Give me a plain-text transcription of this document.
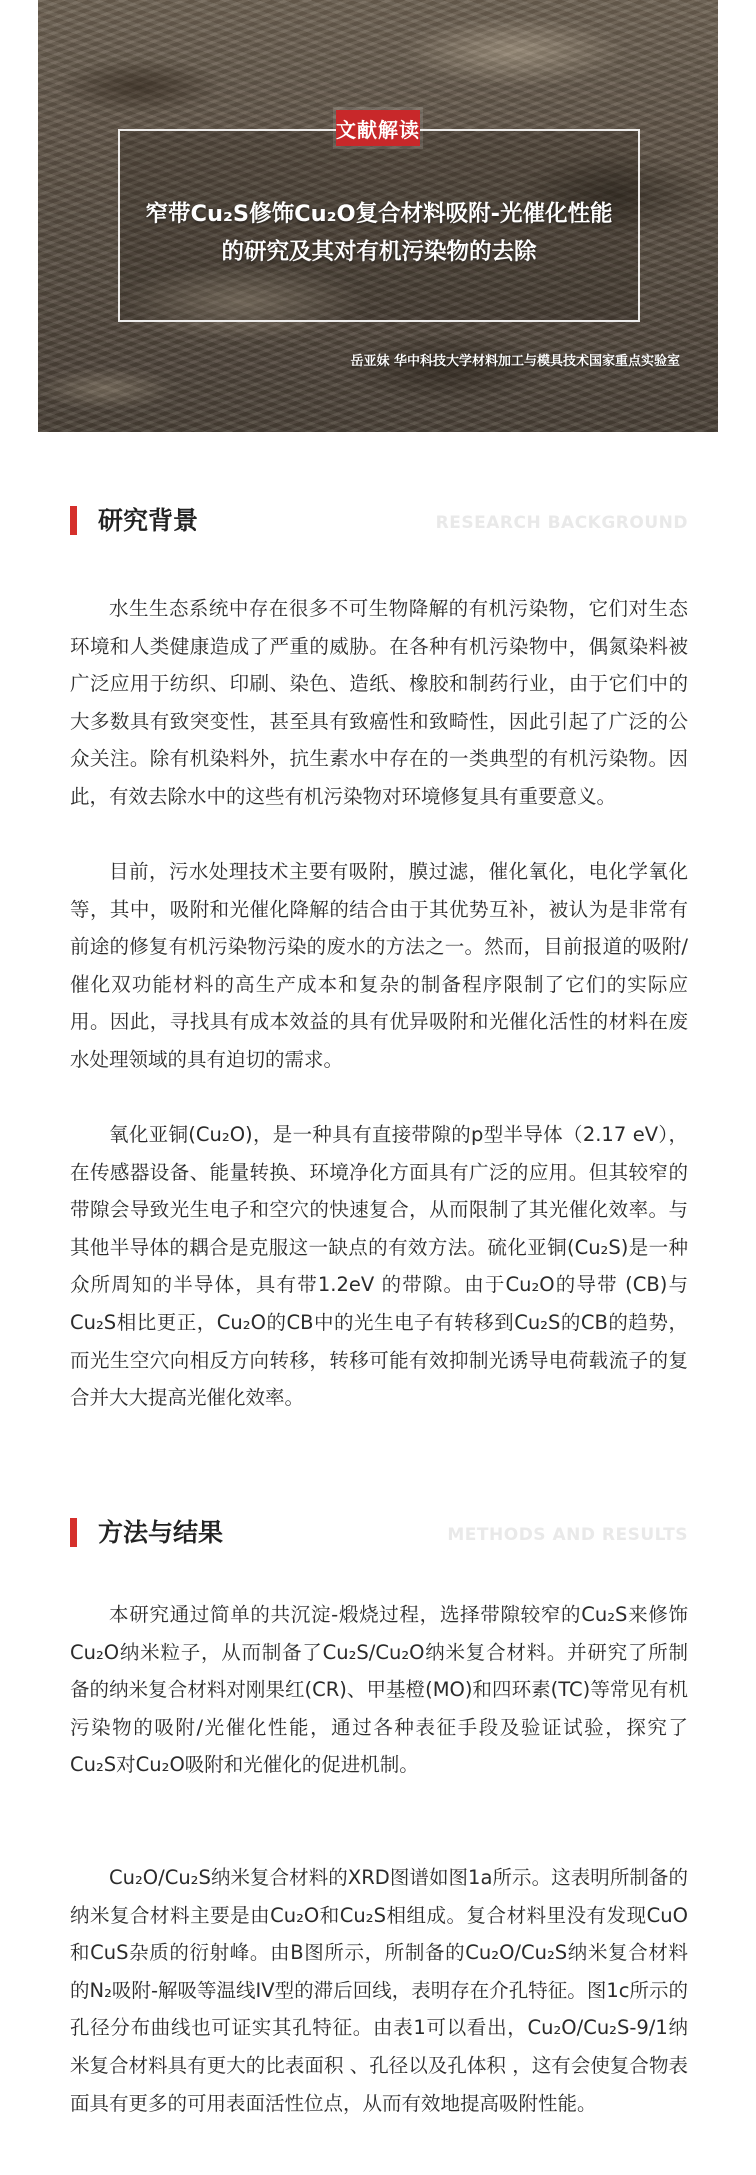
文献解读
窄带Cu₂S修饰Cu₂O复合材料吸附-光催化性能
的研究及其对有机污染物的去除
岳亚妹 华中科技大学材料加工与模具技术国家重点实验室
研究背景	RESEARCH BACKGROUND
水生生态系统中存在很多不可生物降解的有机污染物，它们对生态环境和人类健康造成了严重的威胁。在各种有机污染物中，偶氮染料被广泛应用于纺织、印刷、染色、造纸、橡胶和制药行业，由于它们中的大多数具有致突变性，甚至具有致癌性和致畸性，因此引起了广泛的公众关注。除有机染料外，抗生素水中存在的一类典型的有机污染物。因此，有效去除水中的这些有机污染物对环境修复具有重要意义。
目前，污水处理技术主要有吸附，膜过滤，催化氧化，电化学氧化等，其中，吸附和光催化降解的结合由于其优势互补，被认为是非常有前途的修复有机污染物污染的废水的方法之一。然而，目前报道的吸附/催化双功能材料的高生产成本和复杂的制备程序限制了它们的实际应用。因此，寻找具有成本效益的具有优异吸附和光催化活性的材料在废水处理领域的具有迫切的需求。
氧化亚铜(Cu₂O)，是一种具有直接带隙的p型半导体（2.17 eV），在传感器设备、能量转换、环境净化方面具有广泛的应用。但其较窄的带隙会导致光生电子和空穴的快速复合，从而限制了其光催化效率。与其他半导体的耦合是克服这一缺点的有效方法。硫化亚铜(Cu₂S)是一种众所周知的半导体，具有带1.2eV 的带隙。由于Cu₂O的导带 (CB)与Cu₂S相比更正，Cu₂O的CB中的光生电子有转移到Cu₂S的CB的趋势，而光生空穴向相反方向转移，转移可能有效抑制光诱导电荷载流子的复合并大大提高光催化效率。
方法与结果	METHODS AND RESULTS
本研究通过简单的共沉淀-煅烧过程，选择带隙较窄的Cu₂S来修饰Cu₂O纳米粒子，从而制备了Cu₂S/Cu₂O纳米复合材料。并研究了所制备的纳米复合材料对刚果红(CR)、甲基橙(MO)和四环素(TC)等常见有机污染物的吸附/光催化性能，通过各种表征手段及验证试验，探究了Cu₂S对Cu₂O吸附和光催化的促进机制。
Cu₂O/Cu₂S纳米复合材料的XRD图谱如图1a所示。这表明所制备的纳米复合材料主要是由Cu₂O和Cu₂S相组成。复合材料里没有发现CuO和CuS杂质的衍射峰。由B图所示，所制备的Cu₂O/Cu₂S纳米复合材料的N₂吸附-解吸等温线IV型的滞后回线，表明存在介孔特征。图1c所示的孔径分布曲线也可证实其孔特征。由表1可以看出，Cu₂O/Cu₂S-9/1纳米复合材料具有更大的比表面积 、孔径以及孔体积 ，这有会使复合物表面具有更多的可用表面活性位点，从而有效地提高吸附性能。
